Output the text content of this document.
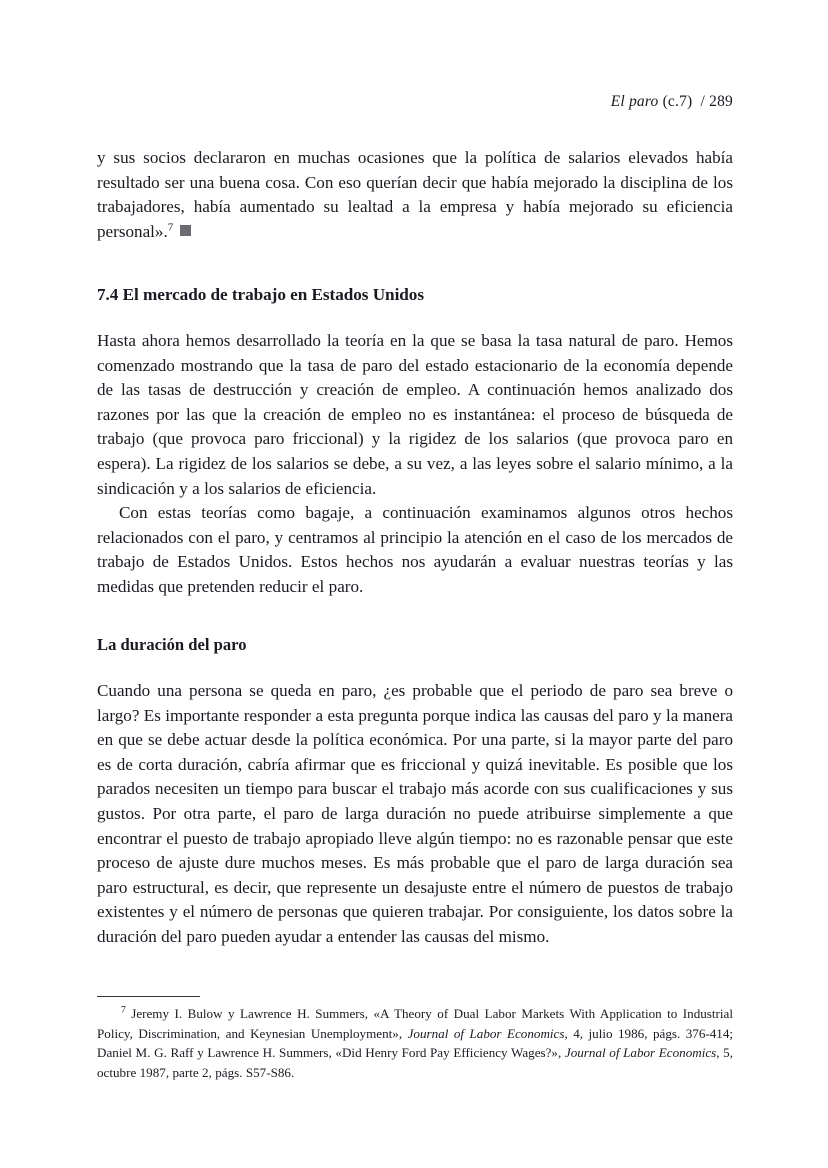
El paro (c.7) / 289

y sus socios declararon en muchas ocasiones que la política de salarios elevados había resultado ser una buena cosa. Con eso querían decir que había mejorado la disciplina de los trabajadores, había aumentado su lealtad a la empresa y había mejorado su eficiencia personal».$^7$

7.4 El mercado de trabajo en Estados Unidos

Hasta ahora hemos desarrollado la teoría en la que se basa la tasa natural de paro. Hemos comenzado mostrando que la tasa de paro del estado estacionario de la economía depende de las tasas de destrucción y creación de empleo. A continuación hemos analizado dos razones por las que la creación de empleo no es instantánea: el proceso de búsqueda de trabajo (que provoca paro friccional) y la rigidez de los salarios (que provoca paro en espera). La rigidez de los salarios se debe, a su vez, a las leyes sobre el salario mínimo, a la sindicación y a los salarios de eficiencia.

Con estas teorías como bagaje, a continuación examinamos algunos otros hechos relacionados con el paro, y centramos al principio la atención en el caso de los mercados de trabajo de Estados Unidos. Estos hechos nos ayudarán a evaluar nuestras teorías y las medidas que pretenden reducir el paro.

La duración del paro

Cuando una persona se queda en paro, ¿es probable que el periodo de paro sea breve o largo? Es importante responder a esta pregunta porque indica las causas del paro y la manera en que se debe actuar desde la política económica. Por una parte, si la mayor parte del paro es de corta duración, cabría afirmar que es friccional y quizá inevitable. Es posible que los parados necesiten un tiempo para buscar el trabajo más acorde con sus cualificaciones y sus gustos. Por otra parte, el paro de larga duración no puede atribuirse simplemente a que encontrar el puesto de trabajo apropiado lleve algún tiempo: no es razonable pensar que este proceso de ajuste dure muchos meses. Es más probable que el paro de larga duración sea paro estructural, es decir, que represente un desajuste entre el número de puestos de trabajo existentes y el número de personas que quieren trabajar. Por consiguiente, los datos sobre la duración del paro pueden ayudar a entender las causas del mismo.

$^7$ Jeremy I. Bulow y Lawrence H. Summers, «A Theory of Dual Labor Markets With Application to Industrial Policy, Discrimination, and Keynesian Unemployment», Journal of Labor Economics, 4, julio 1986, págs. 376-414; Daniel M. G. Raff y Lawrence H. Summers, «Did Henry Ford Pay Efficiency Wages?», Journal of Labor Economics, 5, octubre 1987, parte 2, págs. S57-S86.
